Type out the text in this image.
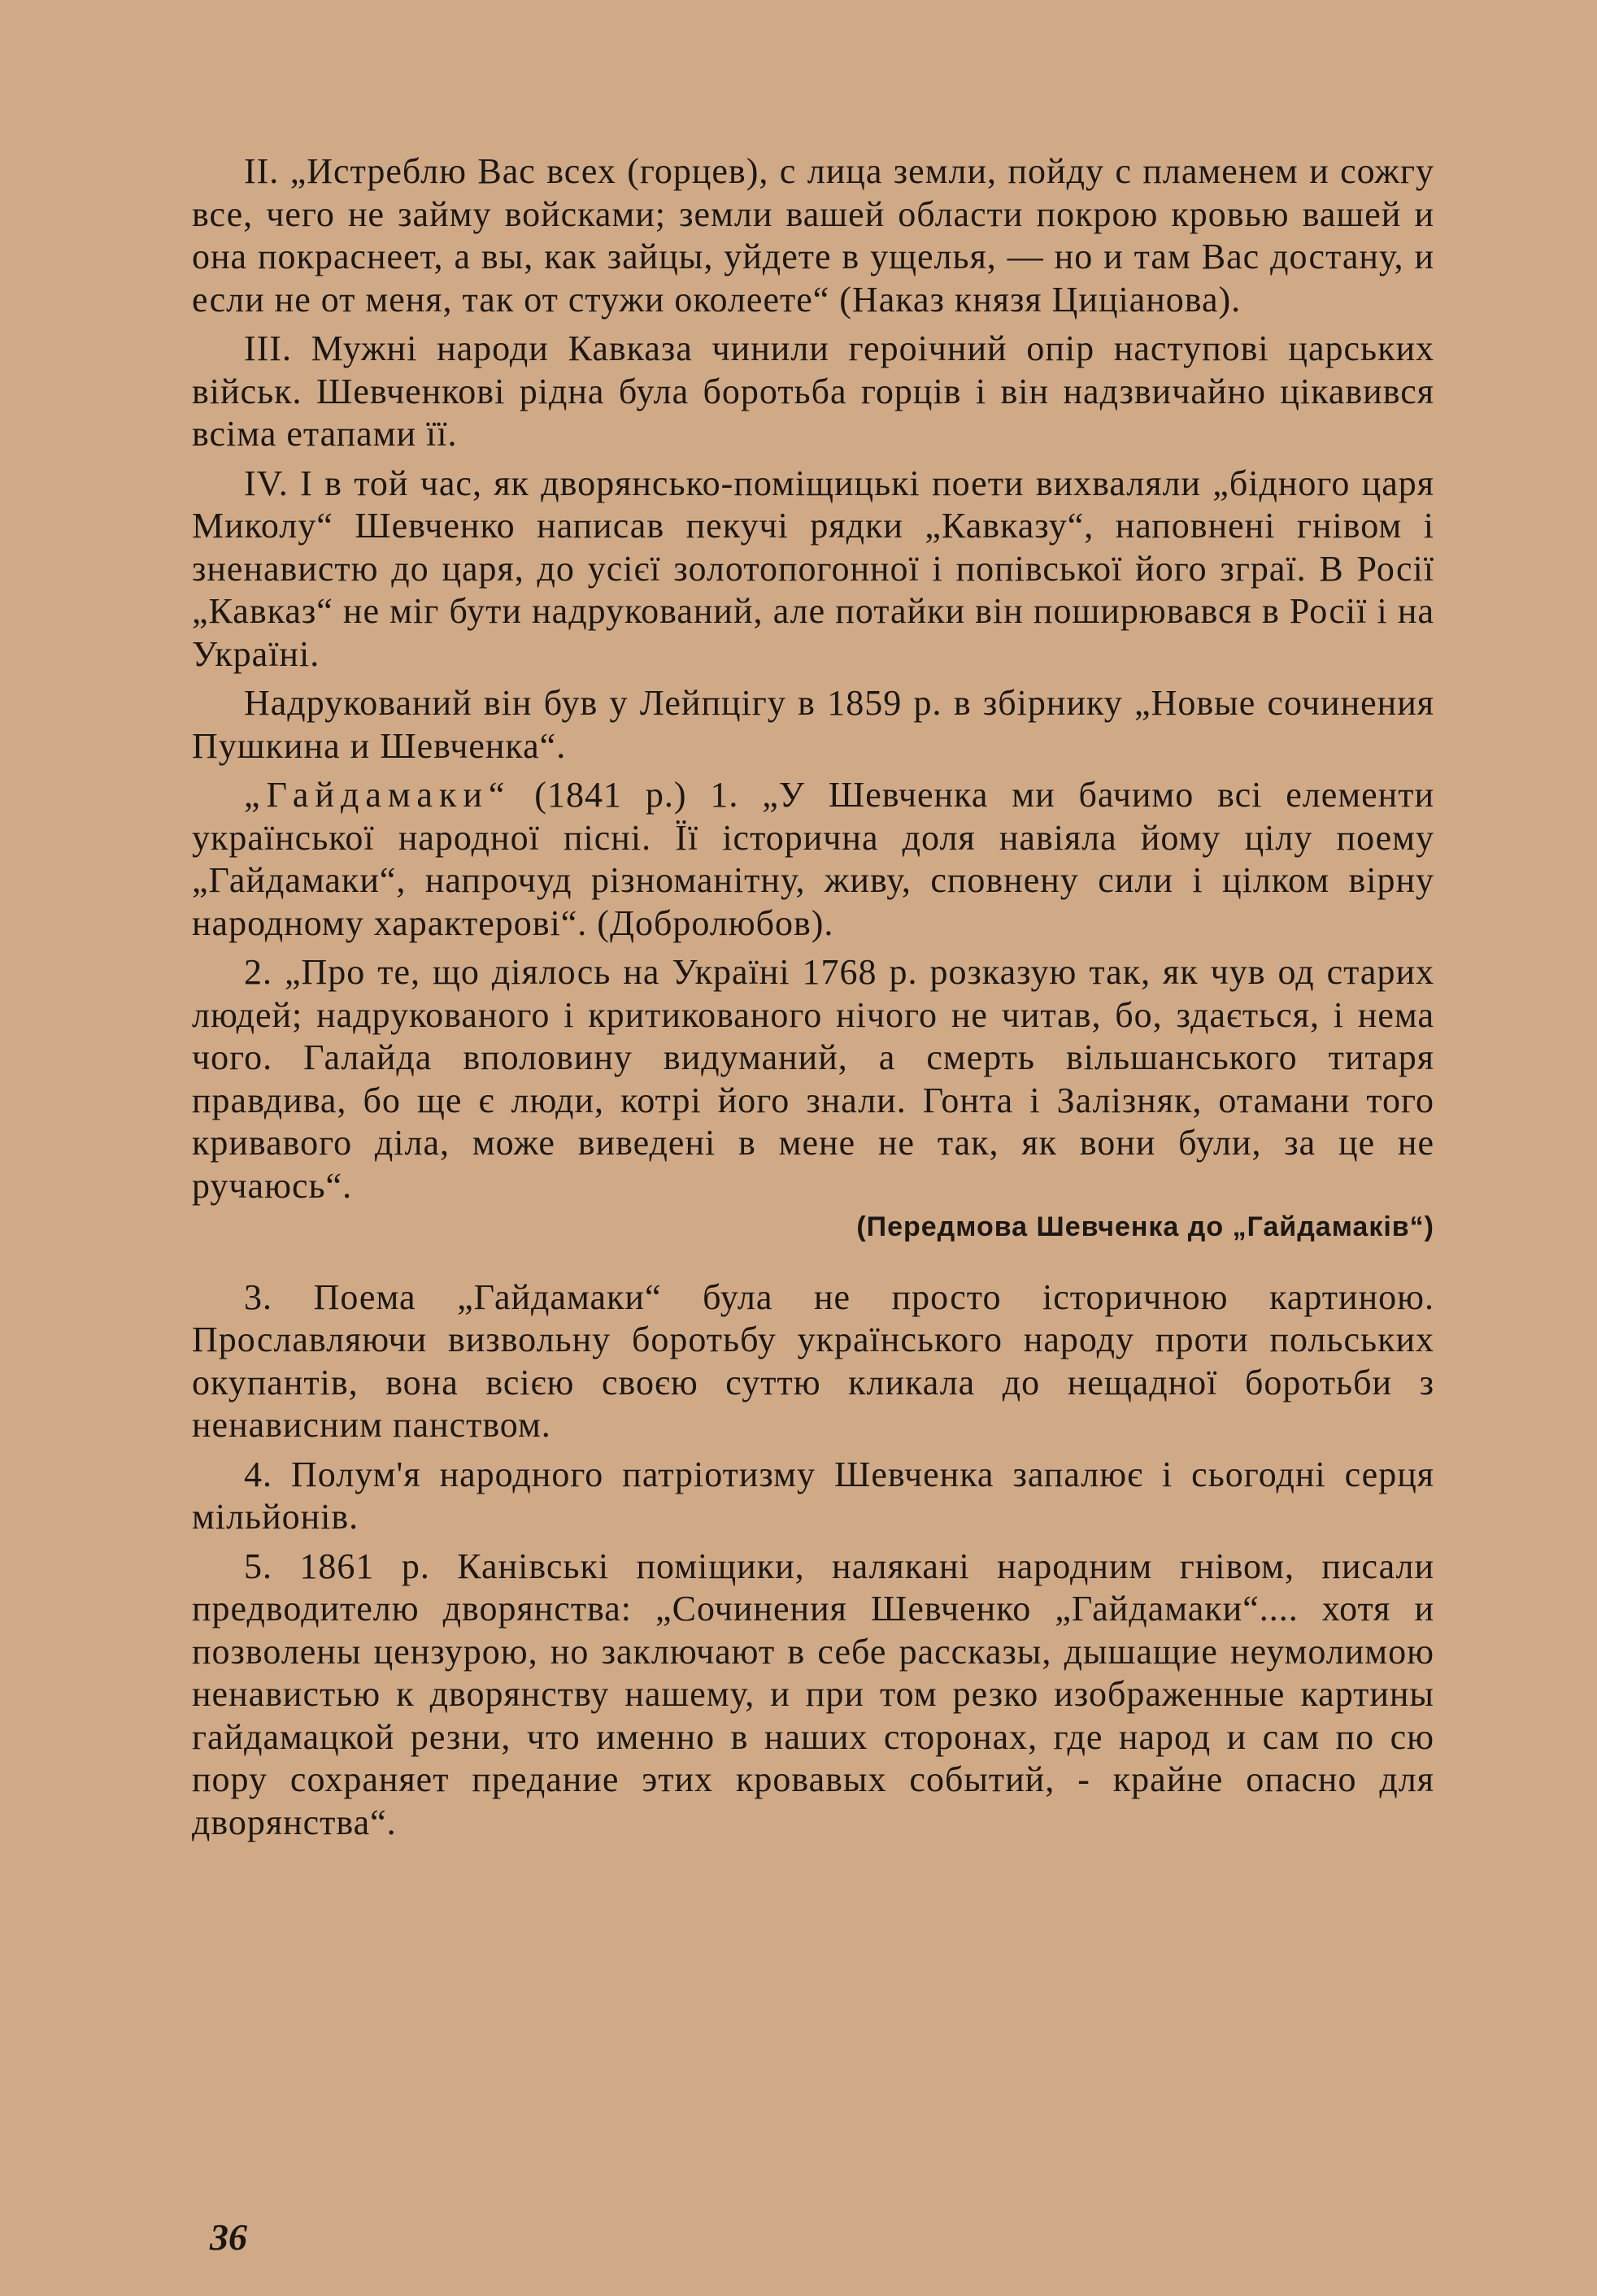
II. „Истреблю Вас всех (горцев), с лица земли, пойду с пламенем и сожгу все, чего не займу войсками; земли вашей области покрою кровью вашей и она покраснеет, а вы, как зайцы, уйдете в ущелья, — но и там Вас достану, и если не от меня, так от стужи околеете“ (Наказ князя Циціанова).

III. Мужні народи Кавказа чинили героічний опір наступові царських військ. Шевченкові рідна була боротьба горців і він надзвичайно цікавився всіма етапами її.

IV. І в той час, як дворянсько-поміщицькі поети вихваляли „бідного царя Миколу“ Шевченко написав пекучі рядки „Кавказу“, наповнені гнівом і зненавистю до царя, до усієї золотопогонної і попівської його зграї. В Росії „Кавказ“ не міг бути надрукований, але потайки він поширювався в Росії і на Україні.

Надрукований він був у Лейпцігу в 1859 р. в збірнику „Новые сочинения Пушкина и Шевченка“.

„Гайдамаки“ (1841 р.) 1. „У Шевченка ми бачимо всі елементи української народної пісні. Її історична доля навіяла йому цілу поему „Гайдамаки“, напрочуд різноманітну, живу, сповнену сили і цілком вірну народному характерові“. (Добролюбов).

2. „Про те, що діялось на Україні 1768 р. розказую так, як чув од старих людей; надрукованого і критикованого нічого не читав, бо, здається, і нема чого. Галайда вполовину видуманий, а смерть вільшанського титаря правдива, бо ще є люди, котрі його знали. Гонта і Залізняк, отамани того кривавого діла, може виведені в мене не так, як вони були, за це не ручаюсь“.

(Передмова Шевченка до „Гайдамаків“)

3. Поема „Гайдамаки“ була не просто історичною картиною. Прославляючи визвольну боротьбу українського народу проти польських окупантів, вона всією своєю суттю кликала до нещадної боротьби з ненависним панством.

4. Полум'я народного патріотизму Шевченка запалює і сьогодні серця мільйонів.

5. 1861 р. Канівські поміщики, налякані народним гнівом, писали предводителю дворянства: „Сочинения Шевченко „Гайдамаки“.... хотя и позволены цензурою, но заключают в себе рассказы, дышащие неумолимою ненавистью к дворянству нашему, и при том резко изображенные картины гайдамацкой резни, что именно в наших сторонах, где народ и сам по сю пору сохраняет предание этих кровавых событий, - крайне опасно для дворянства“.

36
